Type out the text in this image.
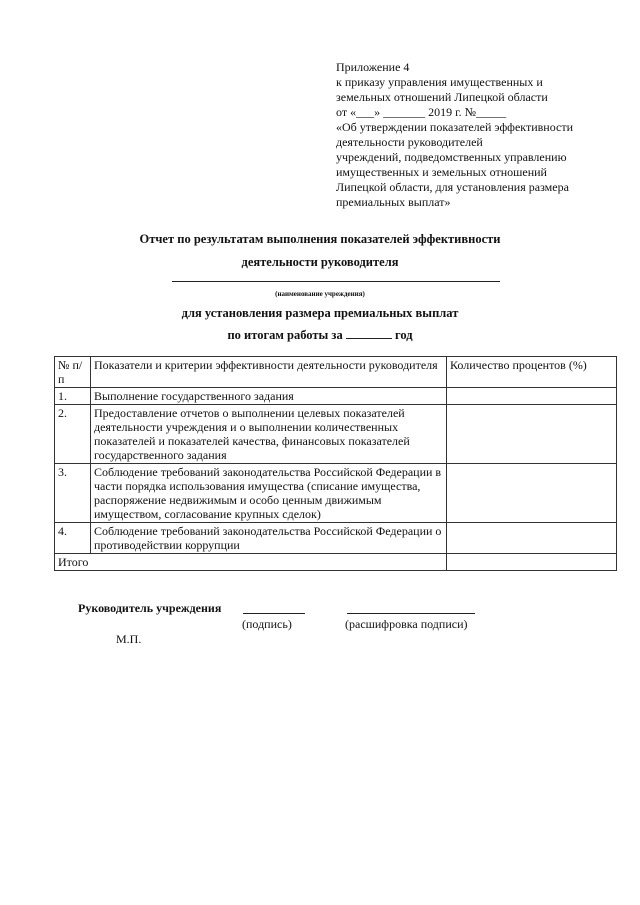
Приложение 4
к приказу управления имущественных и
земельных отношений Липецкой области
от «___» _______ 2019 г. №_____
«Об утверждении показателей эффективности
деятельности руководителей
учреждений, подведомственных управлению
имущественных и земельных отношений
Липецкой области, для установления размера
премиальных выплат»
Отчет по результатам выполнения показателей эффективности
деятельности руководителя
(наименование учреждения)
для установления размера премиальных выплат
по итогам работы за	год
№ п/п	Показатели и критерии эффективности деятельности руководителя	Количество процентов (%)
1.	Выполнение государственного задания	
2.	Предоставление отчетов о выполнении целевых показателей деятельности учреждения и о выполнении количественных показателей и показателей качества, финансовых показателей государственного задания	
3.	Соблюдение требований законодательства Российской Федерации в части порядка использования имущества (списание имущества, распоряжение недвижимым и особо ценным движимым имуществом, согласование крупных сделок)	
4.	Соблюдение требований законодательства Российской Федерации о противодействии коррупции	
Итого		
Руководитель учреждения
(подпись)	(расшифровка подписи)
М.П.
